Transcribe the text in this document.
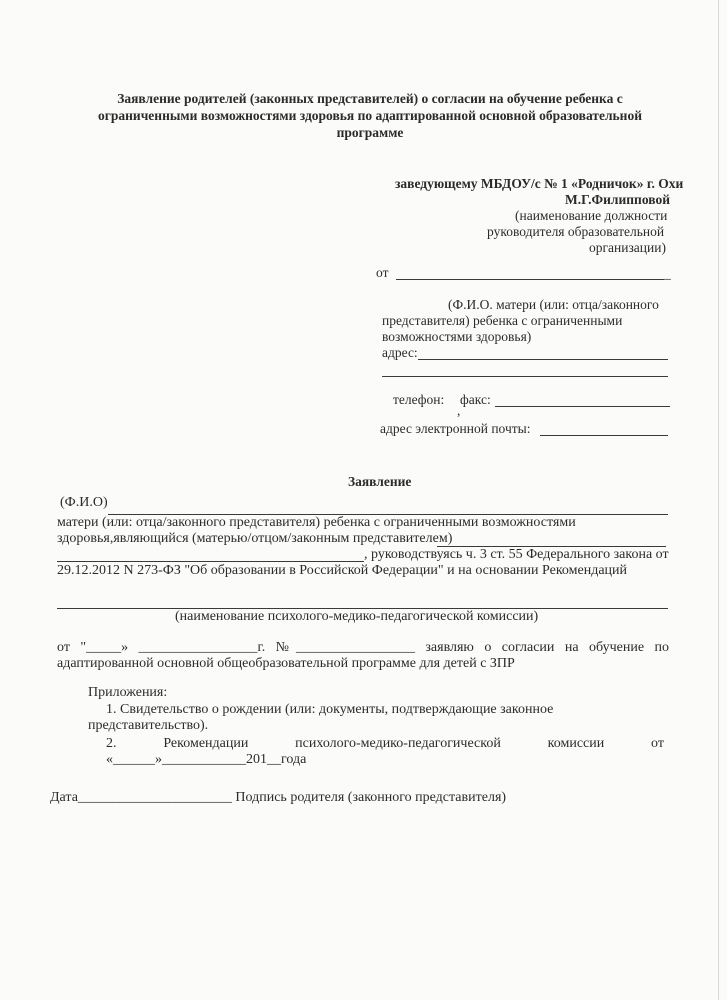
Заявление родителей (законных представителей) о согласии на обучение ребенка с
ограниченными возможностями здоровья по адаптированной основной образовательной
программе
заведующему МБДОУ/с № 1 «Родничок» г. Охи
М.Г.Филипповой
(наименование должности
руководителя образовательной
организации)
от	_
(Ф.И.О. матери (или: отца/законного
представителя) ребенка с ограниченными
возможностями здоровья)
адрес:
телефон: факс:
,
адрес электронной почты:
Заявление
(Ф.И.О)
матери (или: отца/законного представителя) ребенка с ограниченными возможностями
здоровья,являющийся (матерью/отцом/законным представителем)
, руководствуясь ч. 3 ст. 55 Федерального закона от
29.12.2012 N 273-ФЗ "Об образовании в Российской Федерации" и на основании Рекомендаций
(наименование психолого-медико-педагогической комиссии)
от "_____» _________________г. №_________________ заявляю о согласии на обучение по
адаптированной основной общеобразовательной программе для детей с ЗПР
Приложения:
1. Свидетельство о рождении (или: документы, подтверждающие законное
представительство).
2. Рекомендации психолого-медико-педагогической комиссии от
«______»____________201__года
Дата______________________ Подпись родителя (законного представителя)
